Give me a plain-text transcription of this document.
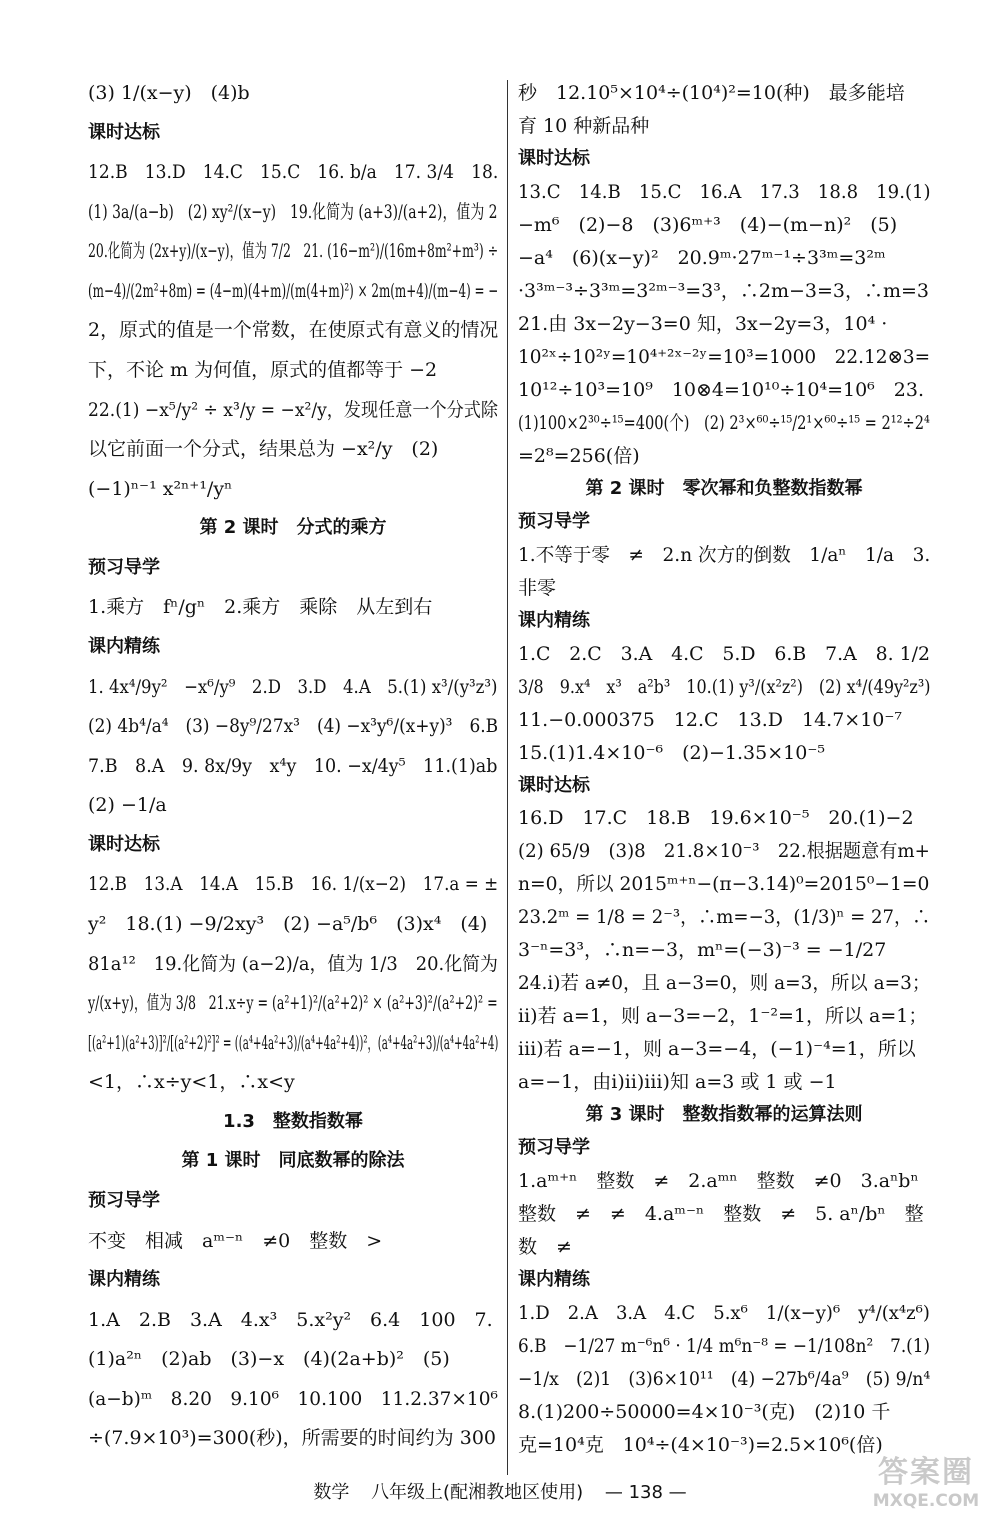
(3) 1/(x−y)　(4)b
课时达标
12.B　13.D　14.C　15.C　16. b/a　17. 3/4　18.
(1) 3a/(a−b)　(2) xy²/(x−y)　19.化简为 (a+3)/(a+2)，值为 2
20.化简为 (2x+y)/(x−y)，值为 7/2　21. (16−m²)/(16m+8m²+m³) ÷
(m−4)/(2m²+8m) = (4−m)(4+m)/(m(4+m)²) × 2m(m+4)/(m−4) = −
2，原式的值是一个常数，在使原式有意义的情况
下，不论 m 为何值，原式的值都等于 −2
22.(1) −x⁵/y² ÷ x³/y = −x²/y，发现任意一个分式除
以它前面一个分式，结果总为 −x²/y　(2)
(−1)ⁿ⁻¹ x²ⁿ⁺¹/yⁿ
第 2 课时　分式的乘方
预习导学
1.乘方　fⁿ/gⁿ　2.乘方　乘除　从左到右
课内精练
1. 4x⁴/9y²　−x⁶/y⁹　2.D　3.D　4.A　5.(1) x³/(y³z³)
(2) 4b⁴/a⁴　(3) −8y⁹/27x³　(4) −x³y⁶/(x+y)³　6.B
7.B　8.A　9. 8x/9y　x⁴y　10. −x/4y⁵　11.(1)ab
(2) −1/a
课时达标
12.B　13.A　14.A　15.B　16. 1/(x−2)　17.a = ±
y²　18.(1) −9/2xy³　(2) −a⁵/b⁶　(3)x⁴　(4)
81a¹²　19.化简为 (a−2)/a，值为 1/3　20.化简为
y/(x+y)，值为 3/8　21.x÷y = (a²+1)²/(a²+2)² × (a²+3)²/(a²+2)² =
[(a²+1)(a²+3)]²/[(a²+2)²]² = ((a⁴+4a²+3)/(a⁴+4a²+4))²，(a⁴+4a²+3)/(a⁴+4a²+4)
<1，∴x÷y<1，∴x<y
1.3　整数指数幂
第 1 课时　同底数幂的除法
预习导学
不变　相减　aᵐ⁻ⁿ　≠0　整数　>
课内精练
1.A　2.B　3.A　4.x³　5.x²y²　6.4　100　7.
(1)a²ⁿ　(2)ab　(3)−x　(4)(2a+b)²　(5)
(a−b)ᵐ　8.20　9.10⁶　10.100　11.2.37×10⁶
÷(7.9×10³)=300(秒)，所需要的时间约为 300
秒　12.10⁵×10⁴÷(10⁴)²=10(种)　最多能培
育 10 种新品种
课时达标
13.C　14.B　15.C　16.A　17.3　18.8　19.(1)
−m⁶　(2)−8　(3)6ᵐ⁺³　(4)−(m−n)²　(5)
−a⁴　(6)(x−y)²　20.9ᵐ·27ᵐ⁻¹÷3³ᵐ=3²ᵐ
·3³ᵐ⁻³÷3³ᵐ=3²ᵐ⁻³=3³，∴2m−3=3，∴m=3
21.由 3x−2y−3=0 知，3x−2y=3，10⁴ ·
10²ˣ÷10²ʸ=10⁴⁺²ˣ⁻²ʸ=10³=1000　22.12⊗3=
10¹²÷10³=10⁹　10⊗4=10¹⁰÷10⁴=10⁶　23.
(1)100×2³⁰÷¹⁵=400(个)　(2) 2³×⁶⁰÷¹⁵/2¹×⁶⁰÷¹⁵ = 2¹²÷2⁴
=2⁸=256(倍)
第 2 课时　零次幂和负整数指数幂
预习导学
1.不等于零　≠　2.n 次方的倒数　1/aⁿ　1/a　3.
非零
课内精练
1.C　2.C　3.A　4.C　5.D　6.B　7.A　8. 1/2
3/8　9.x⁴　x³　a²b³　10.(1) y³/(x²z²)　(2) x⁴/(49y²z³)
11.−0.000375　12.C　13.D　14.7×10⁻⁷
15.(1)1.4×10⁻⁶　(2)−1.35×10⁻⁵
课时达标
16.D　17.C　18.B　19.6×10⁻⁵　20.(1)−2
(2) 65/9　(3)8　21.8×10⁻³　22.根据题意有m+
n=0，所以 2015ᵐ⁺ⁿ−(π−3.14)⁰=2015⁰−1=0
23.2ᵐ = 1/8 = 2⁻³，∴m=−3，(1/3)ⁿ = 27，∴
3⁻ⁿ=3³，∴n=−3，mⁿ=(−3)⁻³ = −1/27
24.ⅰ)若 a≠0，且 a−3=0，则 a=3，所以 a=3；
ⅱ)若 a=1，则 a−3=−2，1⁻²=1，所以 a=1；
ⅲ)若 a=−1，则 a−3=−4，(−1)⁻⁴=1，所以
a=−1，由ⅰ)ⅱ)ⅲ)知 a=3 或 1 或 −1
第 3 课时　整数指数幂的运算法则
预习导学
1.aᵐ⁺ⁿ　整数　≠　2.aᵐⁿ　整数　≠0　3.aⁿbⁿ
整数　≠　≠　4.aᵐ⁻ⁿ　整数　≠　5. aⁿ/bⁿ　整
数　≠
课内精练
1.D　2.A　3.A　4.C　5.x⁶　1/(x−y)⁶　y⁴/(x⁴z⁶)
6.B　−1/27 m⁻⁶n⁶ · 1/4 m⁶n⁻⁸ = −1/108n²　7.(1)
−1/x　(2)1　(3)6×10¹¹　(4) −27b⁶/4a⁹　(5) 9/n⁴
8.(1)200÷50000=4×10⁻³(克)　(2)10 千
克=10⁴克　10⁴÷(4×10⁻³)=2.5×10⁶(倍)
数学 八年级上(配湘教地区使用) — 138 —
答案圈
MXQE.COM
